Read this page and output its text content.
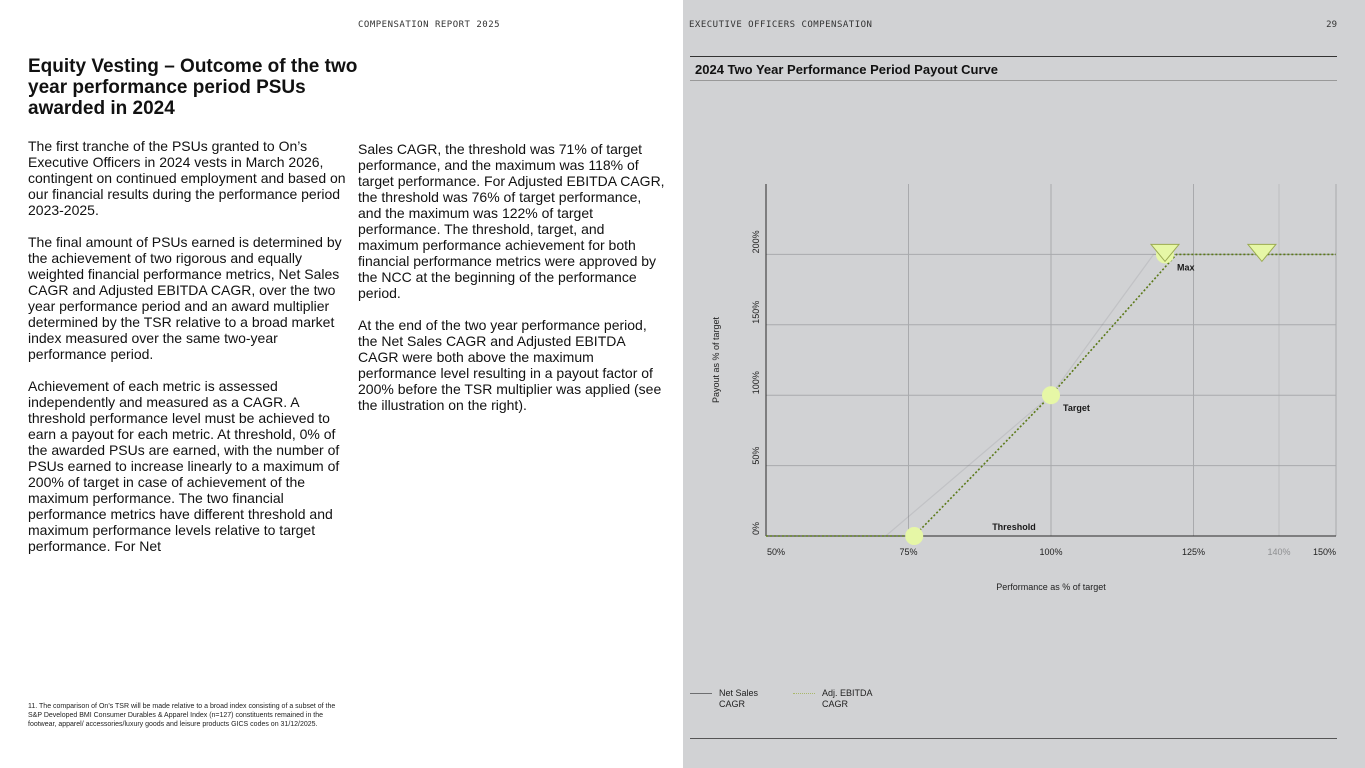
COMPENSATION REPORT 2025
Equity Vesting – Outcome of the two year performance period PSUs awarded in 2024

The first tranche of the PSUs granted to On’s Executive Officers in 2024 vests in March 2026, contingent on continued employment and based on our financial results during the performance period 2023-2025.

The final amount of PSUs earned is determined by the achievement of two rigorous and equally weighted financial performance metrics, Net Sales CAGR and Adjusted EBITDA CAGR, over the two year performance period and an award multiplier determined by the TSR relative to a broad market index measured over the same two-year performance period.

Achievement of each metric is assessed independently and measured as a CAGR. A threshold performance level must be achieved to earn a payout for each metric. At threshold, 0% of the awarded PSUs are earned, with the number of PSUs earned to increase linearly to a maximum of 200% of target in case of achievement of the maximum performance. The two financial performance metrics have different threshold and maximum performance levels relative to target performance. For Net

Sales CAGR, the threshold was 71% of target performance, and the maximum was 118% of target performance. For Adjusted EBITDA CAGR, the threshold was 76% of target performance, and the maximum was 122% of target performance. The threshold, target, and maximum performance achievement for both financial performance metrics were approved by the NCC at the beginning of the performance period.

At the end of the two year performance period, the Net Sales CAGR and Adjusted EBITDA CAGR were both above the maximum performance level resulting in a payout factor of 200% before the TSR multiplier was applied (see the illustration on the right).

11. The comparison of On’s TSR will be made relative to a broad index consisting of a subset of the S&P Developed BMI Consumer Durables & Apparel Index (n=127) constituents remained in the footwear, apparel/ accessories/luxury goods and leisure products GICS codes on 31/12/2025.
EXECUTIVE OFFICERS COMPENSATION	29
2024 Two Year Performance Period Payout Curve
50%	75%	100%	125%	140% 150%
0%
50%
100%
150%
200%
Performance as % of target
Payout as % of target
Threshold
Target
Max
Net Sales CAGR
Adj. EBITDA CAGR
